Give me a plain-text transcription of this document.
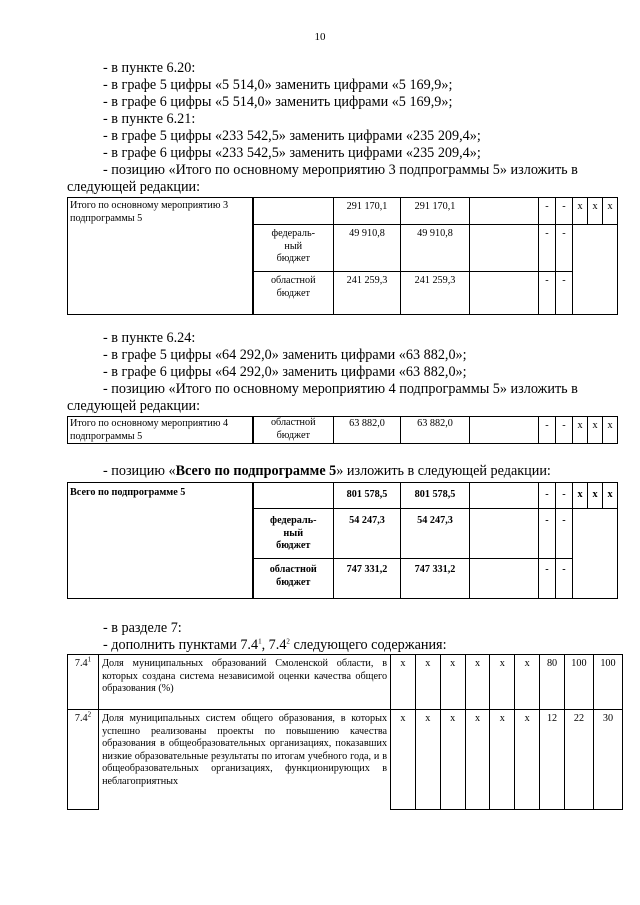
10
- в пункте 6.20:
- в графе 5 цифры «5 514,0» заменить цифрами «5 169,9»;
- в графе 6 цифры «5 514,0» заменить цифрами «5 169,9»;
- в пункте 6.21:
- в графе 5 цифры «233 542,5» заменить цифрами «235 209,4»;
- в графе 6 цифры «233 542,5» заменить цифрами «235 209,4»;
- позицию «Итого по основному мероприятию 3 подпрограммы 5» изложить в
следующей редакции:
Итого по основному мероприятию 3 подпрограммы 5		291 170,1	291 170,1		-	-	x	x	x
	федераль-
ный
бюджет	49 910,8	49 910,8		-	-			
	областной
бюджет	241 259,3	241 259,3		-	-			
- в пункте 6.24:
- в графе 5 цифры «64 292,0» заменить цифрами «63 882,0»;
- в графе 6 цифры «64 292,0» заменить цифрами «63 882,0»;
- позицию «Итого по основному мероприятию 4 подпрограммы 5» изложить в
следующей редакции:
Итого по основному мероприятию 4 подпрограммы 5	областной
бюджет	63 882,0	63 882,0		-	-	x	x	x
- позицию «Всего по подпрограмме 5» изложить в следующей редакции:
Всего по подпрограмме 5		801 578,5	801 578,5		-	-	x	x	x
	федераль-
ный
бюджет	54 247,3	54 247,3		-	-			
	областной
бюджет	747 331,2	747 331,2		-	-			
- в разделе 7:
- дополнить пунктами $7.4^1$, $7.4^2$ следующего содержания:
$7.4^1$	Доля муниципальных образований Смоленской области, в которых создана система независимой оценки качества общего образования (%)	x	x	x	x	x	x	80	100	100
$7.4^2$	Доля муниципальных систем общего образования, в которых успешно реализованы проекты по повышению качества образования в общеобразовательных организациях, показавших низкие образовательные результаты по итогам учебного года, и в общеобразовательных организациях, функционирующих в неблагоприятных	x	x	x	x	x	x	12	22	30
